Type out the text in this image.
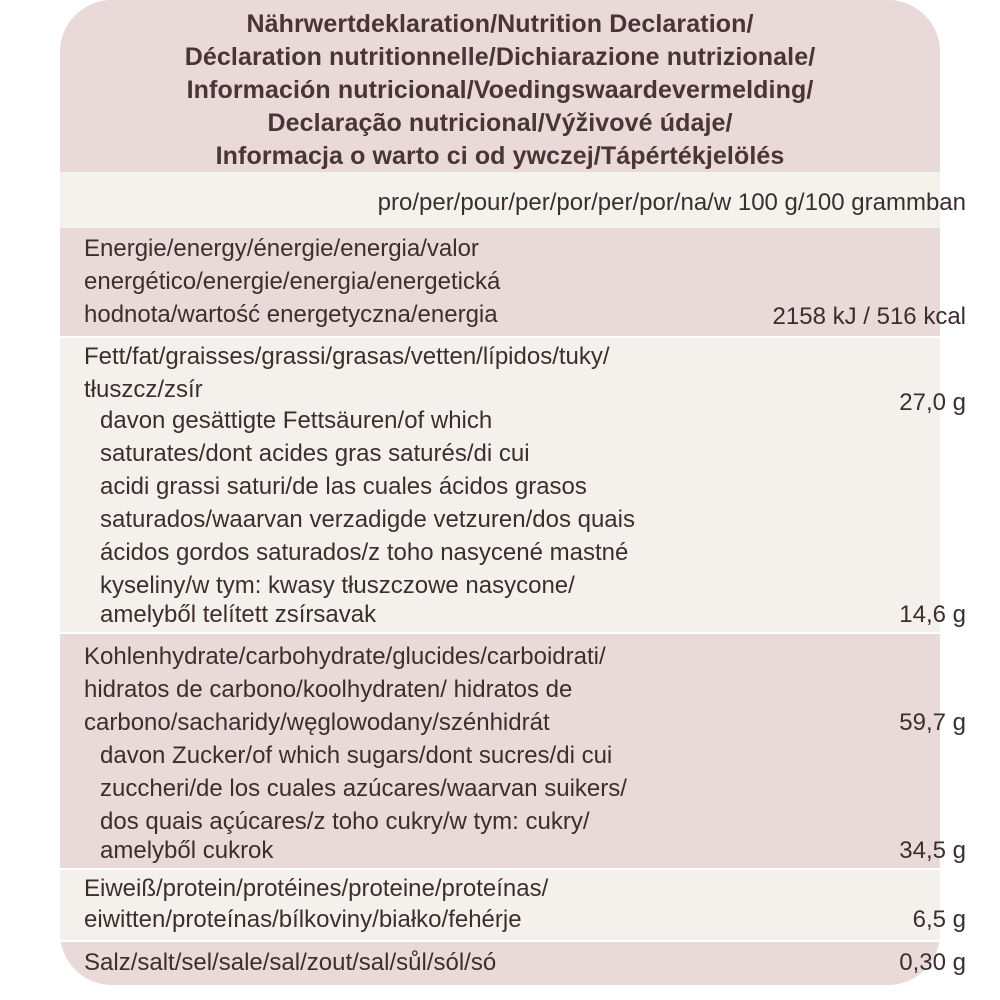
Nährwertdeklaration/Nutrition Declaration/
Déclaration nutritionnelle/Dichiarazione nutrizionale/
Información nutricional/Voedingswaardevermelding/
Declaração nutricional/Výživové údaje/
Informacja o warto ci od ywczej/Tápértékjelölés
pro/per/pour/per/por/per/por/na/w 100 g/100 grammban
Energie/energy/énergie/energia/valor
energético/energie/energia/energetická
hodnota/wartość energetyczna/energia	2158 kJ / 516 kcal
Fett/fat/graisses/grassi/grasas/vetten/lípidos/tuky/
tłuszcz/zsír	27,0 g
davon gesättigte Fettsäuren/of which
saturates/dont acides gras saturés/di cui
acidi grassi saturi/de las cuales ácidos grasos
saturados/waarvan verzadigde vetzuren/dos quais
ácidos gordos saturados/z toho nasycené mastné
kyseliny/w tym: kwasy tłuszczowe nasycone/
amelyből telített zsírsavak	14,6 g
Kohlenhydrate/carbohydrate/glucides/carboidrati/
hidratos de carbono/koolhydraten/ hidratos de
carbono/sacharidy/węglowodany/szénhidrát	59,7 g
davon Zucker/of which sugars/dont sucres/di cui
zuccheri/de los cuales azúcares/waarvan suikers/
dos quais açúcares/z toho cukry/w tym: cukry/
amelyből cukrok	34,5 g
Eiweiß/protein/protéines/proteine/proteínas/
eiwitten/proteínas/bílkoviny/białko/fehérje	6,5 g
Salz/salt/sel/sale/sal/zout/sal/sůl/sól/só	0,30 g
